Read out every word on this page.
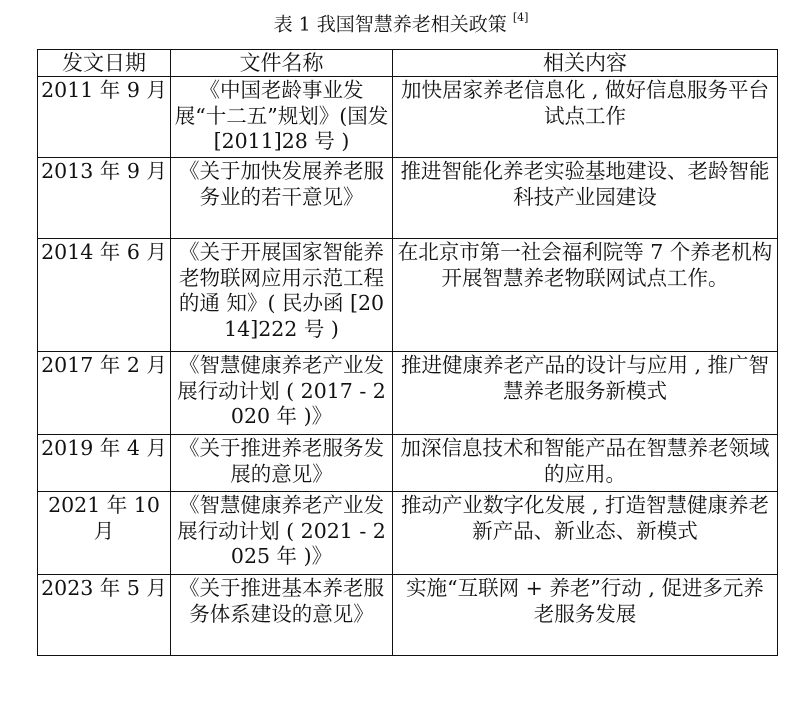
表 1 我国智慧养老相关政策 [4]
发文日期	文件名称	相关内容
2011 年 9 月	《中国老龄事业发展“十二五”规划》(国发 [2011]28 号 )	加快居家养老信息化 , 做好信息服务平台试点工作
2013 年 9 月	《关于加快发展养老服务业的若干意见》	推进智能化养老实验基地建设、老龄智能科技产业园建设
2014 年 6 月	《关于开展国家智能养老物联网应用示范工程的通 知》( 民办函 [2014]222 号 )	在北京市第一社会福利院等 7 个养老机构开展智慧养老物联网试点工作。
2017 年 2 月	《智慧健康养老产业发展行动计划 ( 2017 - 2020 年 )》	推进健康养老产品的设计与应用 , 推广智慧养老服务新模式
2019 年 4 月	《关于推进养老服务发展的意见》	加深信息技术和智能产品在智慧养老领域的应用。
2021 年 10 月	《智慧健康养老产业发展行动计划 ( 2021 - 2025 年 )》	推动产业数字化发展 , 打造智慧健康养老新产品、新业态、新模式
2023 年 5 月	《关于推进基本养老服务体系建设的意见》	实施“互联网 + 养老”行动 , 促进多元养老服务发展
